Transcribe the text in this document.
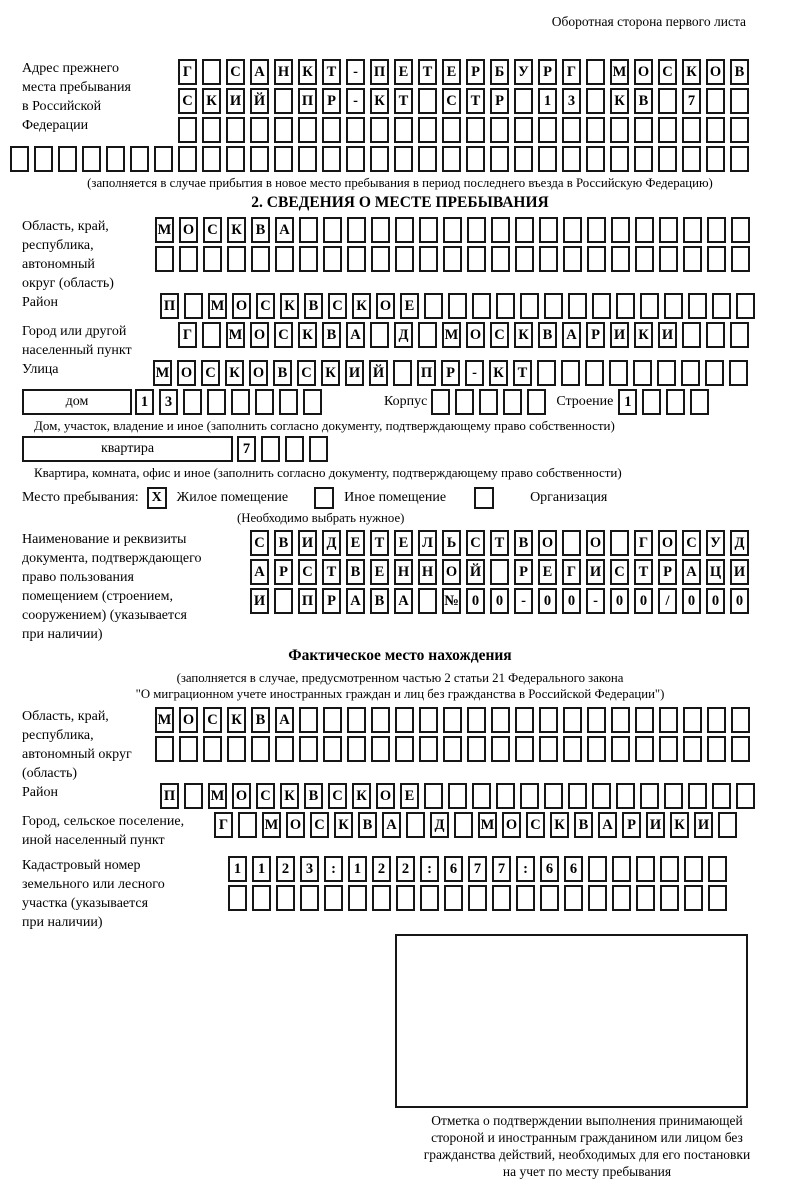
Оборотная сторона первого листа
Адрес прежнего
места пребывания
в Российской
Федерации
Г	С А Н К Т	-	П Е Т Е	Р	Б У Р	Г	М О С К О В
С К И Й	П Р	-	К Т	С Т	Р	1	3	К В	7
(заполняется в случае прибытия в новое место пребывания в период последнего въезда в Российскую Федерацию)
2. СВЕДЕНИЯ О МЕСТЕ ПРЕБЫВАНИЯ
Область, край,
республика,
автономный
округ (область)
М О С К В А
Район	П М О С К В С К О Е
Город или другой
населенный пункт
Г	М О С К В А	Д	М О С К В А Р И К И
Улица	М О С К О В С К И Й	П Р	-	К Т
дом	1	3	Корпус	Строение 1
Дом, участок, владение и иное (заполнить согласно документу, подтверждающему право собственности)
квартира	7
Квартира, комната, офис и иное (заполнить согласно документу, подтверждающему право собственности)
Место пребывания: X	Жилое помещение	Иное помещение	Организация
(Необходимо выбрать нужное)
Наименование и реквизиты
документа, подтверждающего
право пользования
помещением (строением,
сооружением) (указывается
при наличии)
С В И Д Е Т Е Л Ь С Т В О	О	Г О С У Д
А Р С Т В Е Н Н О Й	Р	Е	Г И С Т	Р А Ц И
И	П Р А В А № 0	0	-	0	0	-	0	0	/	0	0	0
Фактическое место нахождения
(заполняется в случае, предусмотренном частью 2 статьи 21 Федерального закона
"О миграционном учете иностранных граждан и лиц без гражданства в Российской Федерации")
Область, край,
республика,
автономный округ
(область)
М О С К В А
Район	П М О С К В С К О Е
Город, сельское поселение,
иной населенный пункт
Г	М О С К В А	Д	М О С К В А Р И К И
Кадастровый номер
земельного или лесного
участка (указывается
при наличии)
1	1	2	3	:	1	2	2	:	6	7	7	:	6	6
Отметка о подтверждении выполнения принимающей
стороной и иностранным гражданином или лицом без
гражданства действий, необходимых для его постановки
на учет по месту пребывания
